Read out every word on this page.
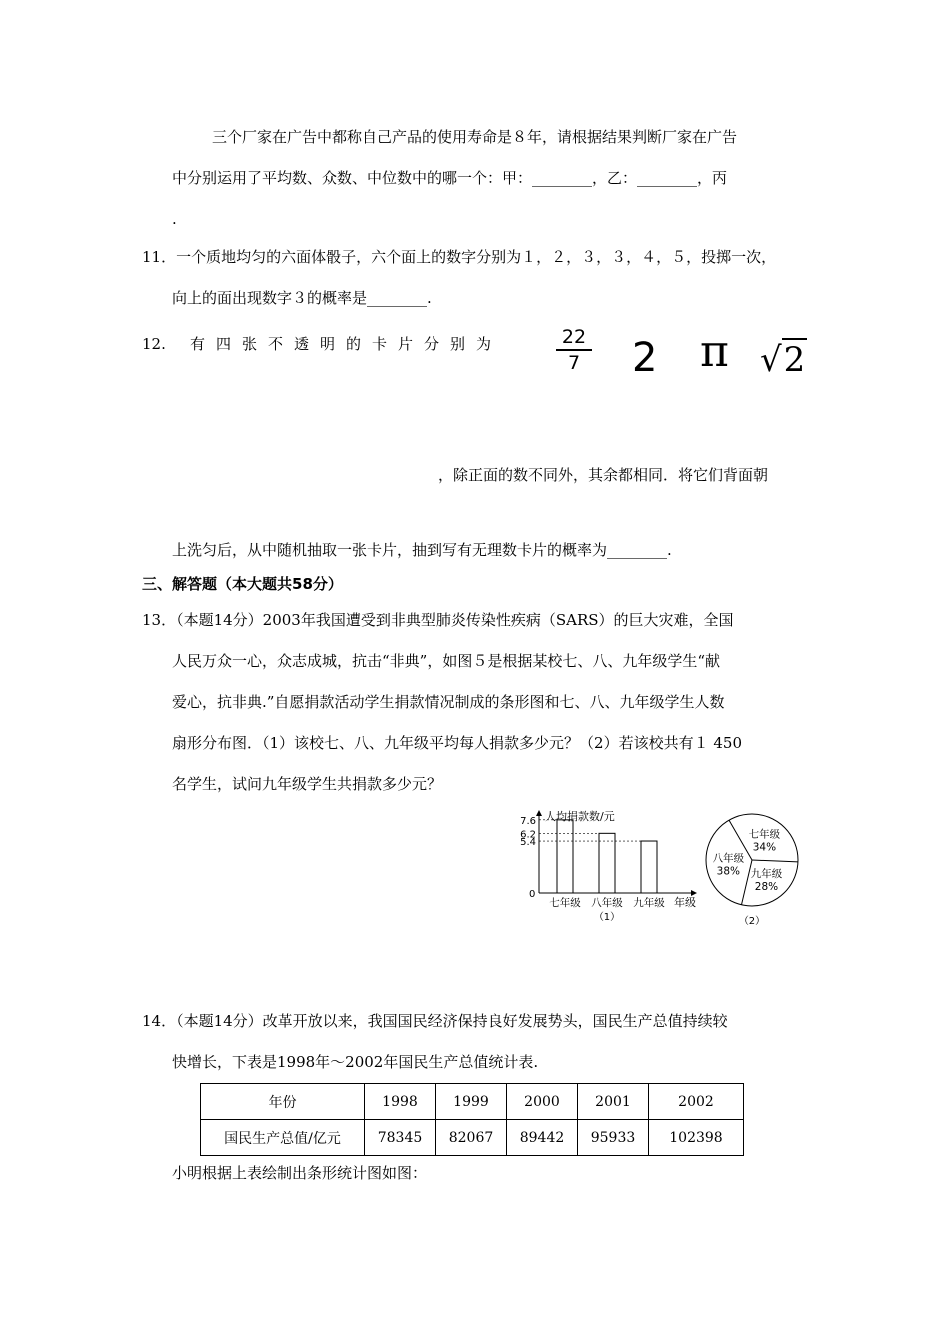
三个厂家在广告中都称自己产品的使用寿命是８年，请根据结果判断厂家在广告
中分别运用了平均数、众数、中位数中的哪一个：甲：________，乙：________，丙
.
11．一个质地均匀的六面体骰子，六个面上的数字分别为１，２，３，３，４，５，投掷一次，
向上的面出现数字３的概率是________.
12. 有四张不透明的卡片分别为	22
7 2 π √2
，除正面的数不同外，其余都相同．将它们背面朝
上洗匀后，从中随机抽取一张卡片，抽到写有无理数卡片的概率为________.
三、解答题（本大题共58分）
13．（本题14分）2003年我国遭受到非典型肺炎传染性疾病（SARS）的巨大灾难，全国
人民万众一心，众志成城，抗击“非典”，如图５是根据某校七、八、九年级学生“献
爱心，抗非典.”自愿捐款活动学生捐款情况制成的条形图和七、八、九年级学生人数
扇形分布图．（1）该校七、八、九年级平均每人捐款多少元？（2）若该校共有１ 450
名学生，试问九年级学生共捐款多少元？
人均捐款数/元
0
7.6
七年级
6.2
八年级
5.4
九年级 年级
（1）
七年级
34%
九年级
28%
八年级
38%
（2）
14．（本题14分）改革开放以来，我国国民经济保持良好发展势头，国民生产总值持续较
快增长，下表是1998年～2002年国民生产总值统计表.
年份	1998	1999	2000	2001	2002
国民生产总值/亿元	78345	82067	89442	95933	102398
小明根据上表绘制出条形统计图如图：
